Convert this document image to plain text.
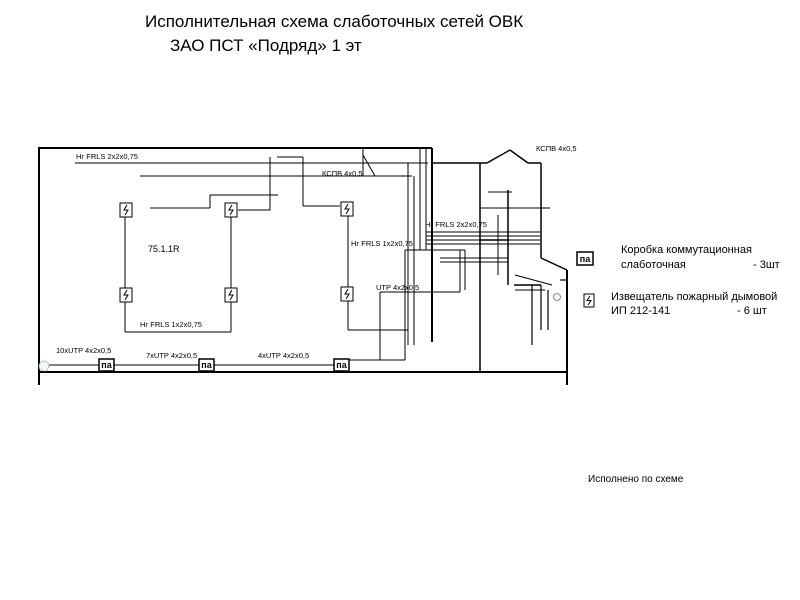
Исполнительная схема слаботочных сетей ОВК
ЗАО ПСТ «Подряд» 1 эт
па	па	па
Нг FRLS 2х2х0,75
КСПВ 4х0,5
КСПВ 4х0,5
Нг FRLS 2х2х0,75
Нг FRLS 1х2х0,75
UTP 4х2х0,5
Нг FRLS 1х2х0,75
10хUTP 4х2х0,5
7хUTP 4х2х0,5	4хUTP 4х2х0,5
75.1.1R
па
Коробка коммутационная
слаботочная	- 3шт
Извещатель пожарный дымовой
ИП 212-141	- 6 шт
Исполнено по схеме
